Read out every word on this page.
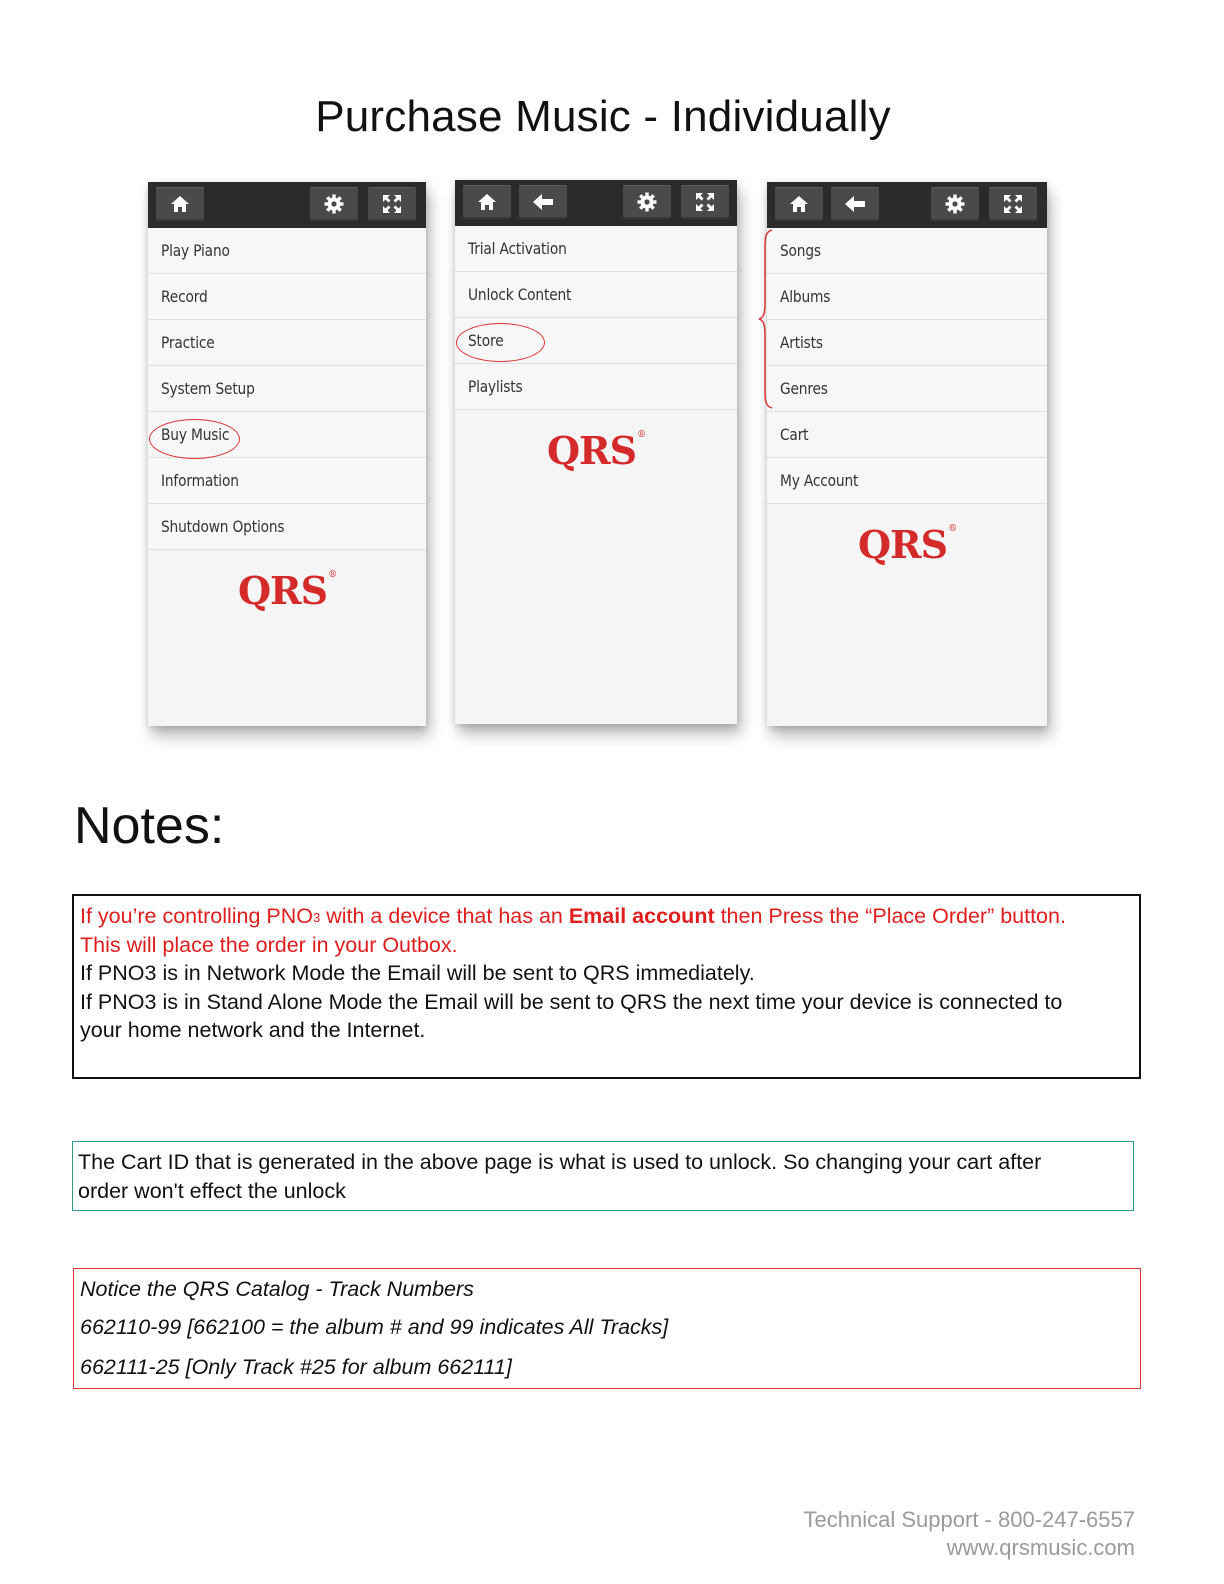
Purchase Music - Individually
Play Piano
Record
Practice
System Setup
Buy Music
Information
Shutdown Options
QRS®
Trial Activation
Unlock Content
Store
Playlists
QRS®
Songs
Albums
Artists
Genres
Cart
My Account
QRS®
Notes:
If you’re controlling PNO$^3$ with a device that has an Email account then Press the “Place Order” button.
This will place the order in your Outbox.
If PNO3 is in Network Mode the Email will be sent to QRS immediately.
If PNO3 is in Stand Alone Mode the Email will be sent to QRS the next time your device is connected to
your home network and the Internet.
The Cart ID that is generated in the above page is what is used to unlock. So changing your cart after
order won't effect the unlock
Notice the QRS Catalog - Track Numbers
662110-99 [662100 = the album # and 99 indicates All Tracks]
662111-25 [Only Track #25 for album 662111]
Technical Support - 800-247-6557
www.qrsmusic.com
